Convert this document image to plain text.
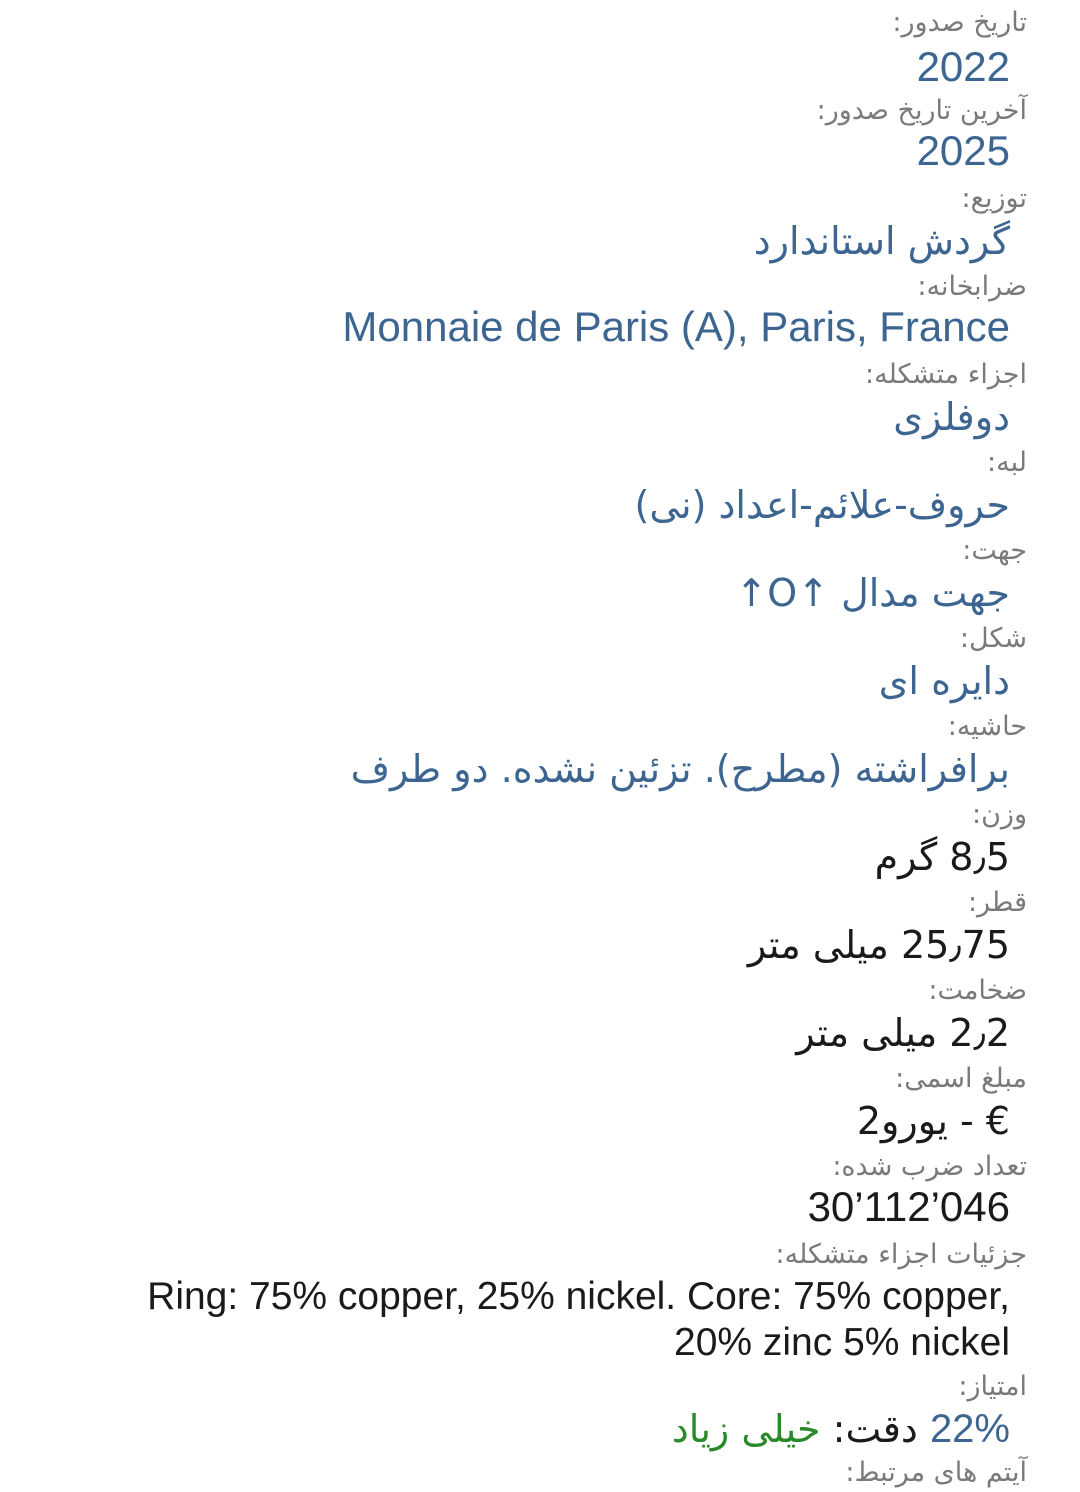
تاریخ صدور:
2022
آخرین تاریخ صدور:
2025
توزیع:
گردش استاندارد
ضرابخانه:
Monnaie de Paris (A), Paris, France
اجزاء متشکله:
دوفلزی
لبه:
حروف-علائم-اعداد (نی)
جهت:
جهت مدال ↑O↑
شکل:
دایره ای
حاشیه:
برافراشته (مطرح). تزئین نشده. دو طرف
وزن:
8٫5 گرم
قطر:
25٫75 میلی متر
ضخامت:
2٫2 میلی متر
مبلغ اسمی:
€ - یورو2
تعداد ضرب شده:
30’112’046
جزئیات اجزاء متشکله:
Ring: 75% copper, 25% nickel. Core: 75% copper, 20% zinc 5% nickel
امتیاز:
22% دقت: خیلی زیاد
آیتم های مرتبط:
